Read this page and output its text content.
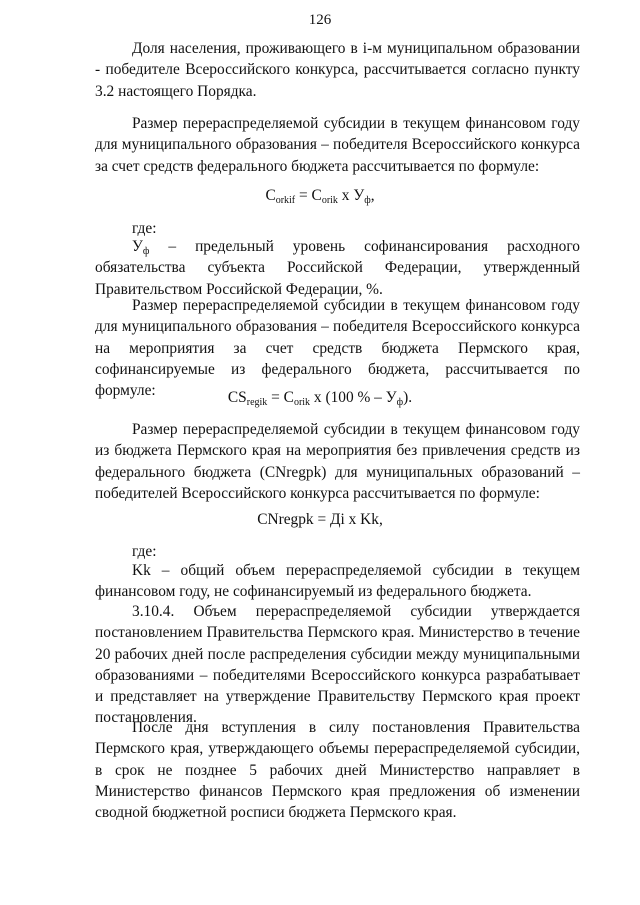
126

Доля населения, проживающего в i-м муниципальном образовании - победителе Всероссийского конкурса, рассчитывается согласно пункту 3.2 настоящего Порядка.

Размер перераспределяемой субсидии в текущем финансовом году для муниципального образования – победителя Всероссийского конкурса за счет средств федерального бюджета рассчитывается по формуле:

$C_{orkif} = C_{orik}$ x $У_ф$,

где:

$У_ф$ – предельный уровень софинансирования расходного обязательства субъекта Российской Федерации, утвержденный Правительством Российской Федерации, %.

Размер перераспределяемой субсидии в текущем финансовом году для муниципального образования – победителя Всероссийского конкурса на мероприятия за счет средств бюджета Пермского края, софинансируемые из федерального бюджета, рассчитывается по формуле:	$CS_{regik} = C_{orik}$ x (100 % – $У_ф$).

Размер перераспределяемой субсидии в текущем финансовом году из бюджета Пермского края на мероприятия без привлечения средств из федерального бюджета (CNregpk) для муниципальных образований – победителей Всероссийского конкурса рассчитывается по формуле:

CNregpk = Дi x Kk,

где:

Kk – общий объем перераспределяемой субсидии в текущем финансовом году, не софинансируемый из федерального бюджета.

3.10.4. Объем перераспределяемой субсидии утверждается постановлением Правительства Пермского края. Министерство в течение 20 рабочих дней после распределения субсидии между муниципальными образованиями – победителями Всероссийского конкурса разрабатывает и представляет на утверждение Правительству Пермского края проект постановления.

После дня вступления в силу постановления Правительства Пермского края, утверждающего объемы перераспределяемой субсидии, в срок не позднее 5 рабочих дней Министерство направляет в Министерство финансов Пермского края предложения об изменении сводной бюджетной росписи бюджета Пермского края.
